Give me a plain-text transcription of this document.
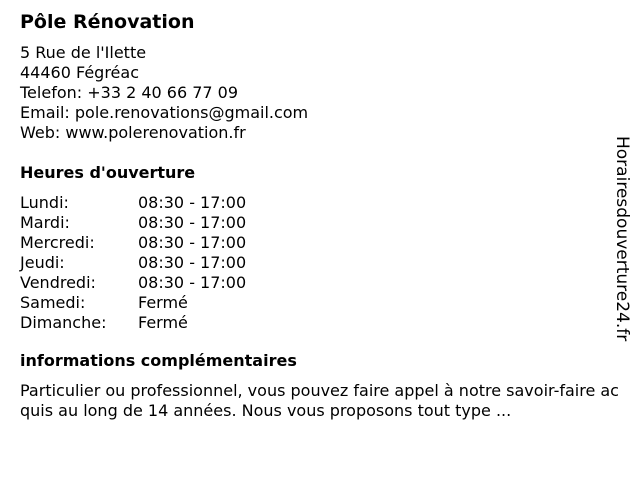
Pôle Rénovation
5 Rue de l'Ilette
44460 Fégréac
Telefon: +33 2 40 66 77 09
Email: pole.renovations@gmail.com
Web: www.polerenovation.fr
Heures d'ouverture
Lundi:	08:30 - 17:00
Mardi:	08:30 - 17:00
Mercredi:	08:30 - 17:00
Jeudi:	08:30 - 17:00
Vendredi:	08:30 - 17:00
Samedi:	Fermé
Dimanche:	Fermé
informations complémentaires
Particulier ou professionnel, vous pouvez faire appel à notre savoir-faire acquis au long de 14 années. Nous vous proposons tout type ...
Horairesdouverture24.fr
